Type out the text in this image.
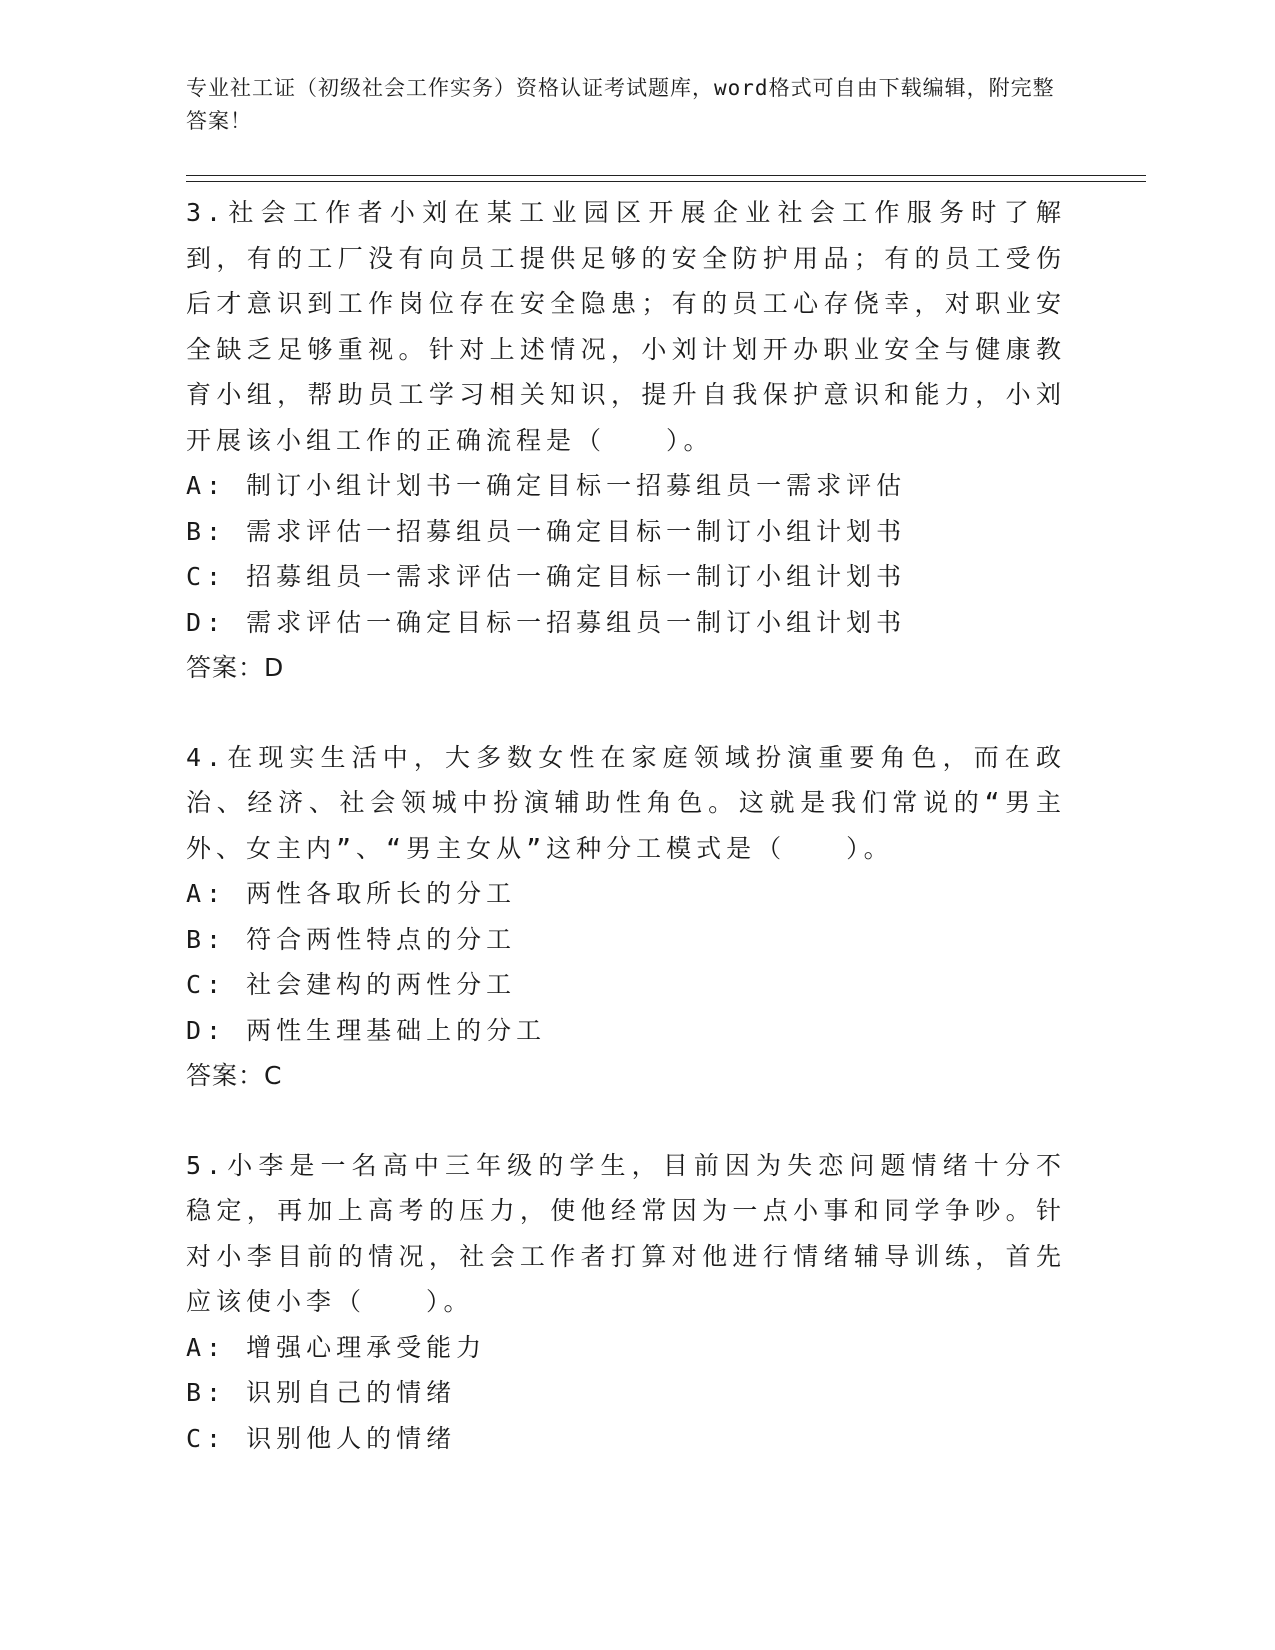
专业社工证（初级社会工作实务）资格认证考试题库，word格式可自由下载编辑，附完整答案！
3.社会工作者小刘在某工业园区开展企业社会工作服务时了解到，有的工厂没有向员工提供足够的安全防护用品；有的员工受伤后才意识到工作岗位存在安全隐患；有的员工心存侥幸，对职业安全缺乏足够重视。针对上述情况，小刘计划开办职业安全与健康教育小组，帮助员工学习相关知识，提升自我保护意识和能力，小刘开展该小组工作的正确流程是（　　）。
A: 制订小组计划书一确定目标一招募组员一需求评估
B: 需求评估一招募组员一确定目标一制订小组计划书
C: 招募组员一需求评估一确定目标一制订小组计划书
D: 需求评估一确定目标一招募组员一制订小组计划书
答案：D
4.在现实生活中，大多数女性在家庭领域扮演重要角色，而在政治、经济、社会领城中扮演辅助性角色。这就是我们常说的“男主外、女主内”、“男主女从”这种分工模式是（　　）。
A: 两性各取所长的分工
B: 符合两性特点的分工
C: 社会建构的两性分工
D: 两性生理基础上的分工
答案：C
5.小李是一名高中三年级的学生，目前因为失恋问题情绪十分不稳定，再加上高考的压力，使他经常因为一点小事和同学争吵。针对小李目前的情况，社会工作者打算对他进行情绪辅导训练，首先应该使小李（　　）。
A: 增强心理承受能力
B: 识别自己的情绪
C: 识别他人的情绪
